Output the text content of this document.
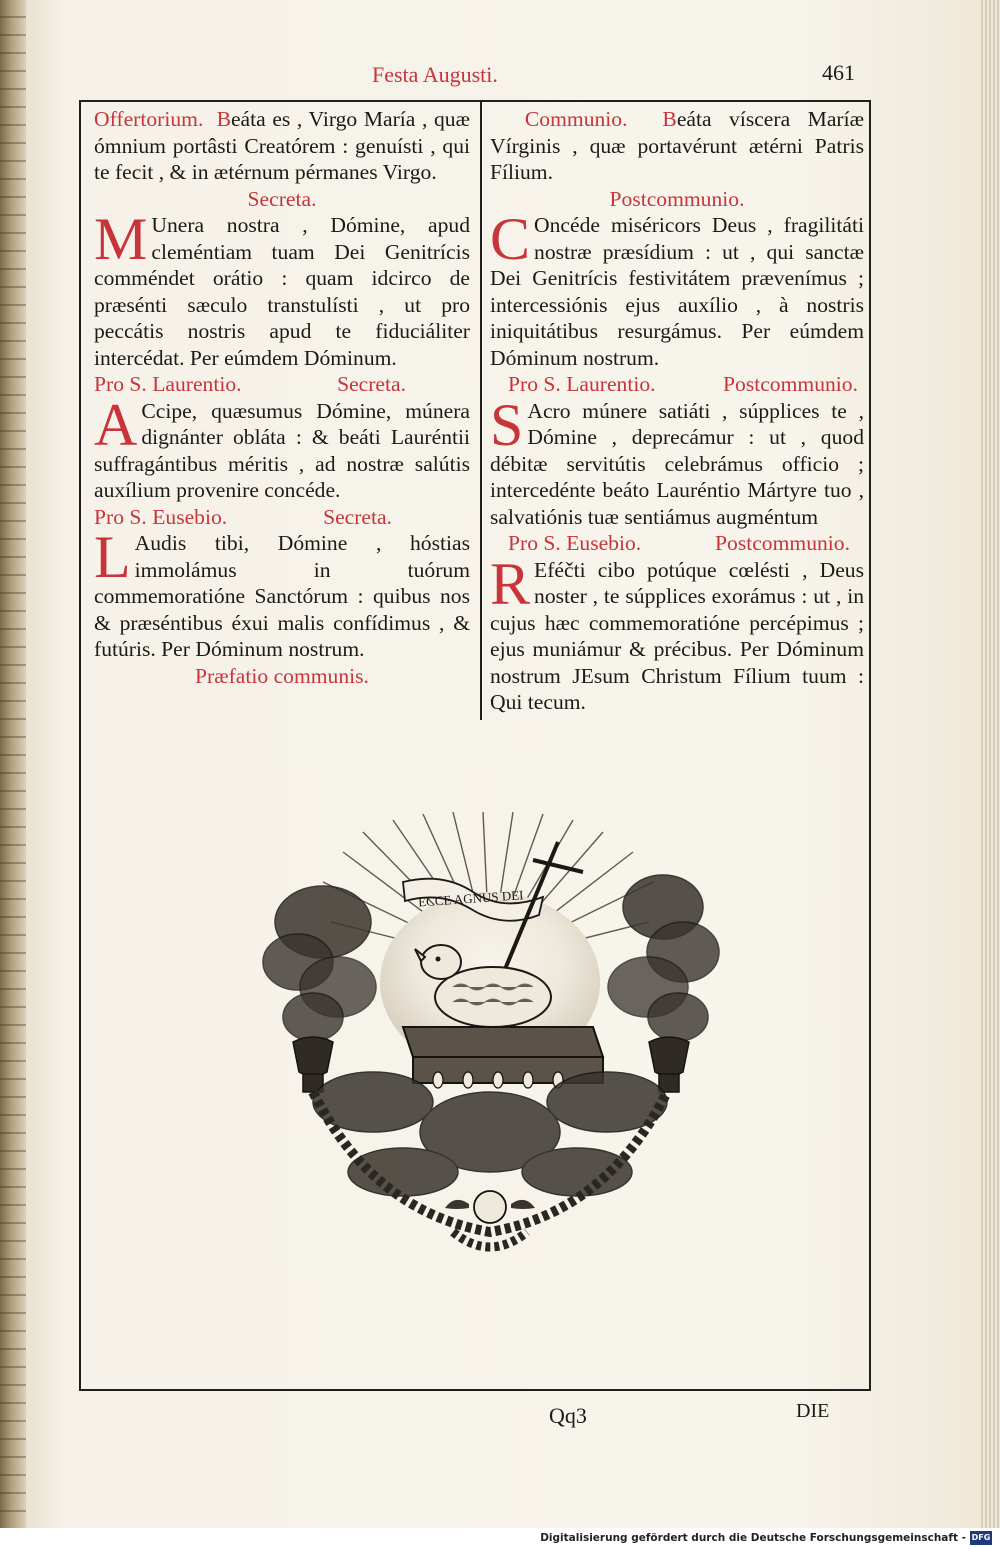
Festa Augusti.	461

Offertorium. Beáta es , Virgo María , quæ ómnium portâsti Creatórem : genuísti , qui te fecit , & in ætérnum pérmanes Virgo.

Secreta.

M Unera nostra , Dómine, apud cleméntiam tuam Dei Genitrícis comméndet orátio : quam idcirco de præsénti sæculo transtulísti , ut pro peccátis nostris apud te fiduciáliter intercédat. Per eúmdem Dóminum.

Pro S. Laurentio.	Secreta.

A Ccipe, quæsumus Dómine, múnera dignánter obláta : & beáti Lauréntii suffragántibus méritis , ad nostræ salútis auxílium provenire concéde.

Pro S. Eusebio.	Secreta.

L Audis tibi, Dómine , hóstias immolámus in tuórum commemoratióne Sanctórum : quibus nos & præséntibus éxui malis confídimus , & futúris. Per Dóminum nostrum.

Præfatio communis.

Communio. Beáta víscera Maríæ Vírginis , quæ portavérunt ætérni Patris Fílium.

Postcommunio.

C Oncéde miséricors Deus , fragilitáti nostræ præsídium : ut , qui sanctæ Dei Genitrícis festivitátem prævenímus ; intercessiónis ejus auxílio , à nostris iniquitátibus resurgámus. Per eúmdem Dóminum nostrum.

Pro S. Laurentio.	Postcommunio.

S Acro múnere satiáti , súpplices te , Dómine , deprecámur : ut , quod débitæ servitútis celebrámus officio ; intercedénte beáto Lauréntio Mártyre tuo , salvatiónis tuæ sentiámus augméntum

Pro S. Eusebio.	Postcommunio.

R Eféčti cibo potúque cœlésti , Deus noster , te súpplices exorámus : ut , in cujus hæc commemoratióne percépimus ; ejus muniámur & précibus. Per Dóminum nostrum JEsum Christum Fílium tuum : Qui tecum.

ECCE AGNUS DEI
Qq3	DIE
Digitalisierung gefördert durch die Deutsche Forschungsgemeinschaft - DFG
